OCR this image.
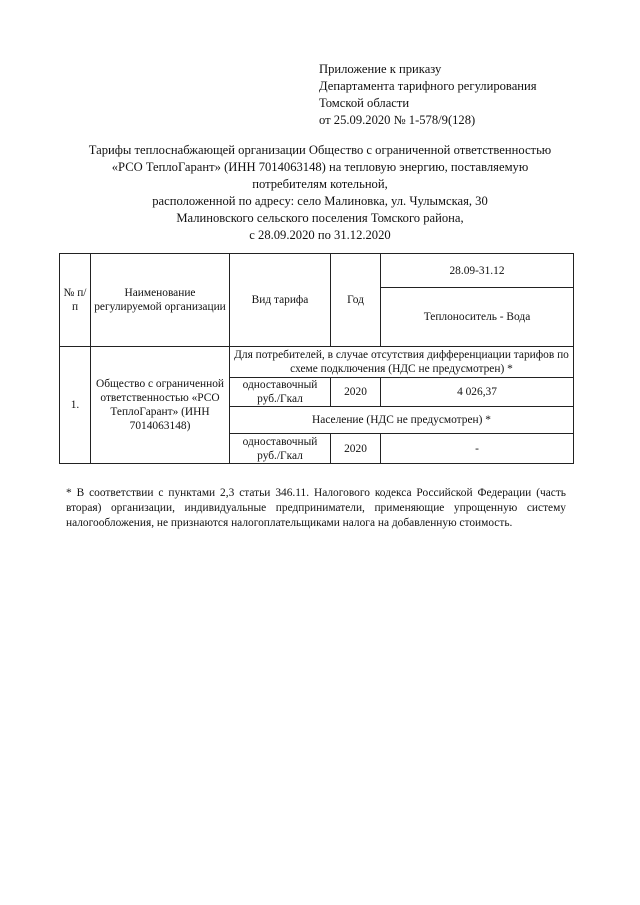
Приложение к приказу
Департамента тарифного регулирования
Томской области
от 25.09.2020 № 1-578/9(128)
Тарифы теплоснабжающей организации Общество с ограниченной ответственностью
«РСО ТеплоГарант» (ИНН 7014063148) на тепловую энергию, поставляемую
потребителям котельной,
расположенной по адресу: село Малиновка, ул. Чулымская, 30
Малиновского сельского поселения Томского района,
с 28.09.2020 по 31.12.2020
№ п/п	Наименование регулируемой организации	Вид тарифа	Год	28.09-31.12
				Теплоноситель - Вода
1.	Общество с ограниченной ответственностью «РСО ТеплоГарант» (ИНН 7014063148)	Для потребителей, в случае отсутствия дифференциации тарифов по схеме подключения (НДС не предусмотрен) *		
		одноставочный руб./Гкал	2020	4 026,37
		Население (НДС не предусмотрен) *		
		одноставочный руб./Гкал	2020	-
* В соответствии с пунктами 2,3 статьи 346.11. Налогового кодекса Российской Федерации (часть вторая) организации, индивидуальные предприниматели, применяющие упрощенную систему налогообложения, не признаются налогоплательщиками налога на добавленную стоимость.
